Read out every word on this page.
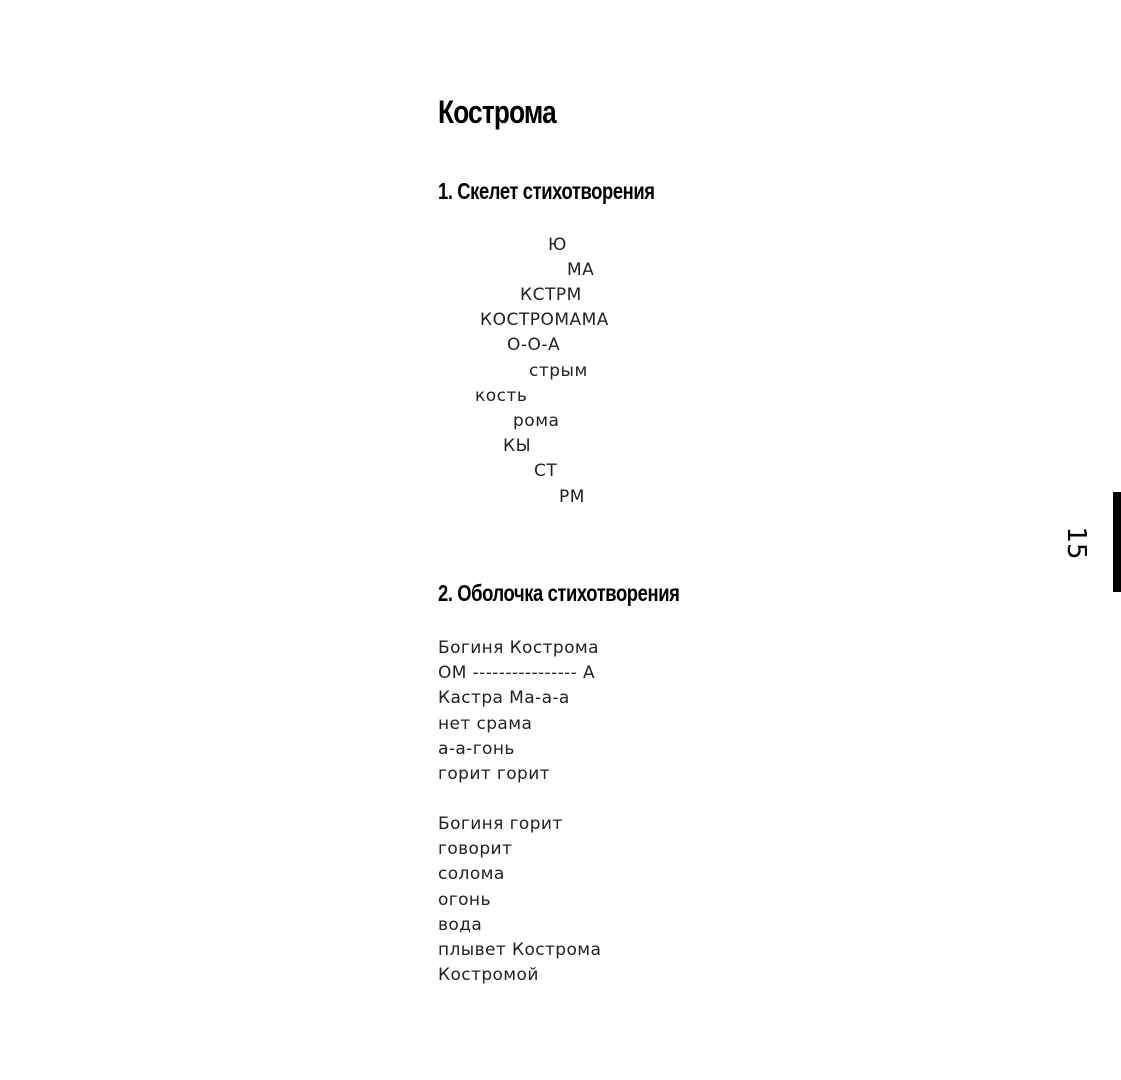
Кострома
1. Скелет стихотворения
Ю
МА
КСТРМ
КОСТРОМАМА
О-О-А
стрым
кость
рома
КЫ
СТ
РМ
2. Оболочка стихотворения
Богиня Кострома
ОМ ---------------- А
Кастра Ма-а-а
нет срама
а-а-гонь
горит горит
Богиня горит
говорит
солома
огонь
вода
плывет Кострома
Костромой
15
